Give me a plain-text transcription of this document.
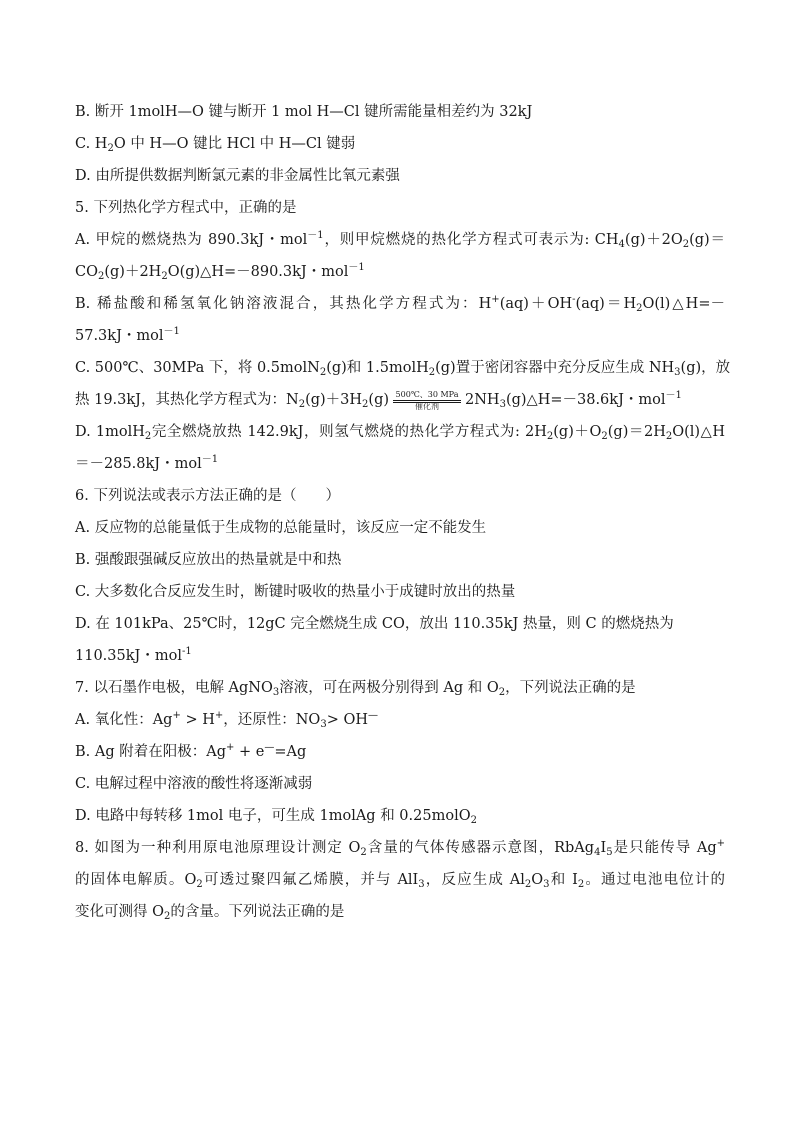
B. 断开 1molH—O 键与断开 1 mol H—Cl 键所需能量相差约为 32kJ
C. $H_2O$ 中 H—O 键比 HCl 中 H—Cl 键弱
D. 由所提供数据判断氯元素的非金属性比氧元素强
5. 下列热化学方程式中，正确的是
A. 甲烷的燃烧热为 890.3kJ・mol$^{-1}$，则甲烷燃烧的热化学方程式可表示为: $CH_4(g)+2O_2(g)=$
$CO_2(g)+2H_2O(g)\triangle H=-890.3kJ$・mol$^{-1}$
B. 稀盐酸和稀氢氧化钠溶液混合，其热化学方程式为：$H^+(aq)+OH^-(aq)=H_2O(l)\triangle H=-$
57.3kJ・mol$^{-1}$
C. 500℃、30MPa 下，将 0.5molN$_2$(g)和 1.5molH$_2$(g)置于密闭容器中充分反应生成 $NH_3(g)$，放
热 19.3kJ，其热化学方程式为：$N_2(g)+3H_2(g)$ 500℃、30 MPa
催化剂	$2NH_3(g)\triangle H=-38.6kJ$・mol$^{-1}$
D. 1molH$_2$完全燃烧放热 142.9kJ，则氢气燃烧的热化学方程式为: $2H_2(g)+O_2(g)=2H_2O(l)\triangle H$
＝－285.8kJ・mol$^{-1}$
6. 下列说法或表示方法正确的是（　　）
A. 反应物的总能量低于生成物的总能量时，该反应一定不能发生
B. 强酸跟强碱反应放出的热量就是中和热
C. 大多数化合反应发生时，断键时吸收的热量小于成键时放出的热量
D. 在 101kPa、25℃时，12gC 完全燃烧生成 CO，放出 110.35kJ 热量，则 C 的燃烧热为
110.35kJ・mol$^{-1}$
7. 以石墨作电极，电解 AgNO$_3$溶液，可在两极分别得到 Ag 和 $O_2$，下列说法正确的是
A. 氧化性：Ag+ > H+，还原性：$NO_3> OH^—$
B. Ag 附着在阳极：Ag+ + e—=Ag
C. 电解过程中溶液的酸性将逐渐减弱
D. 电路中每转移 1mol 电子，可生成 1molAg 和 0.25molO$_2$
8. 如图为一种利用原电池原理设计测定 $O_2$含量的气体传感器示意图，$RbAg_4I_5$是只能传导 Ag+
的固体电解质。$O_2$可透过聚四氟乙烯膜，并与 AlI$_3$，反应生成 $Al_2O_3$和 $I_2$。通过电池电位计的
变化可测得 $O_2$的含量。下列说法正确的是
